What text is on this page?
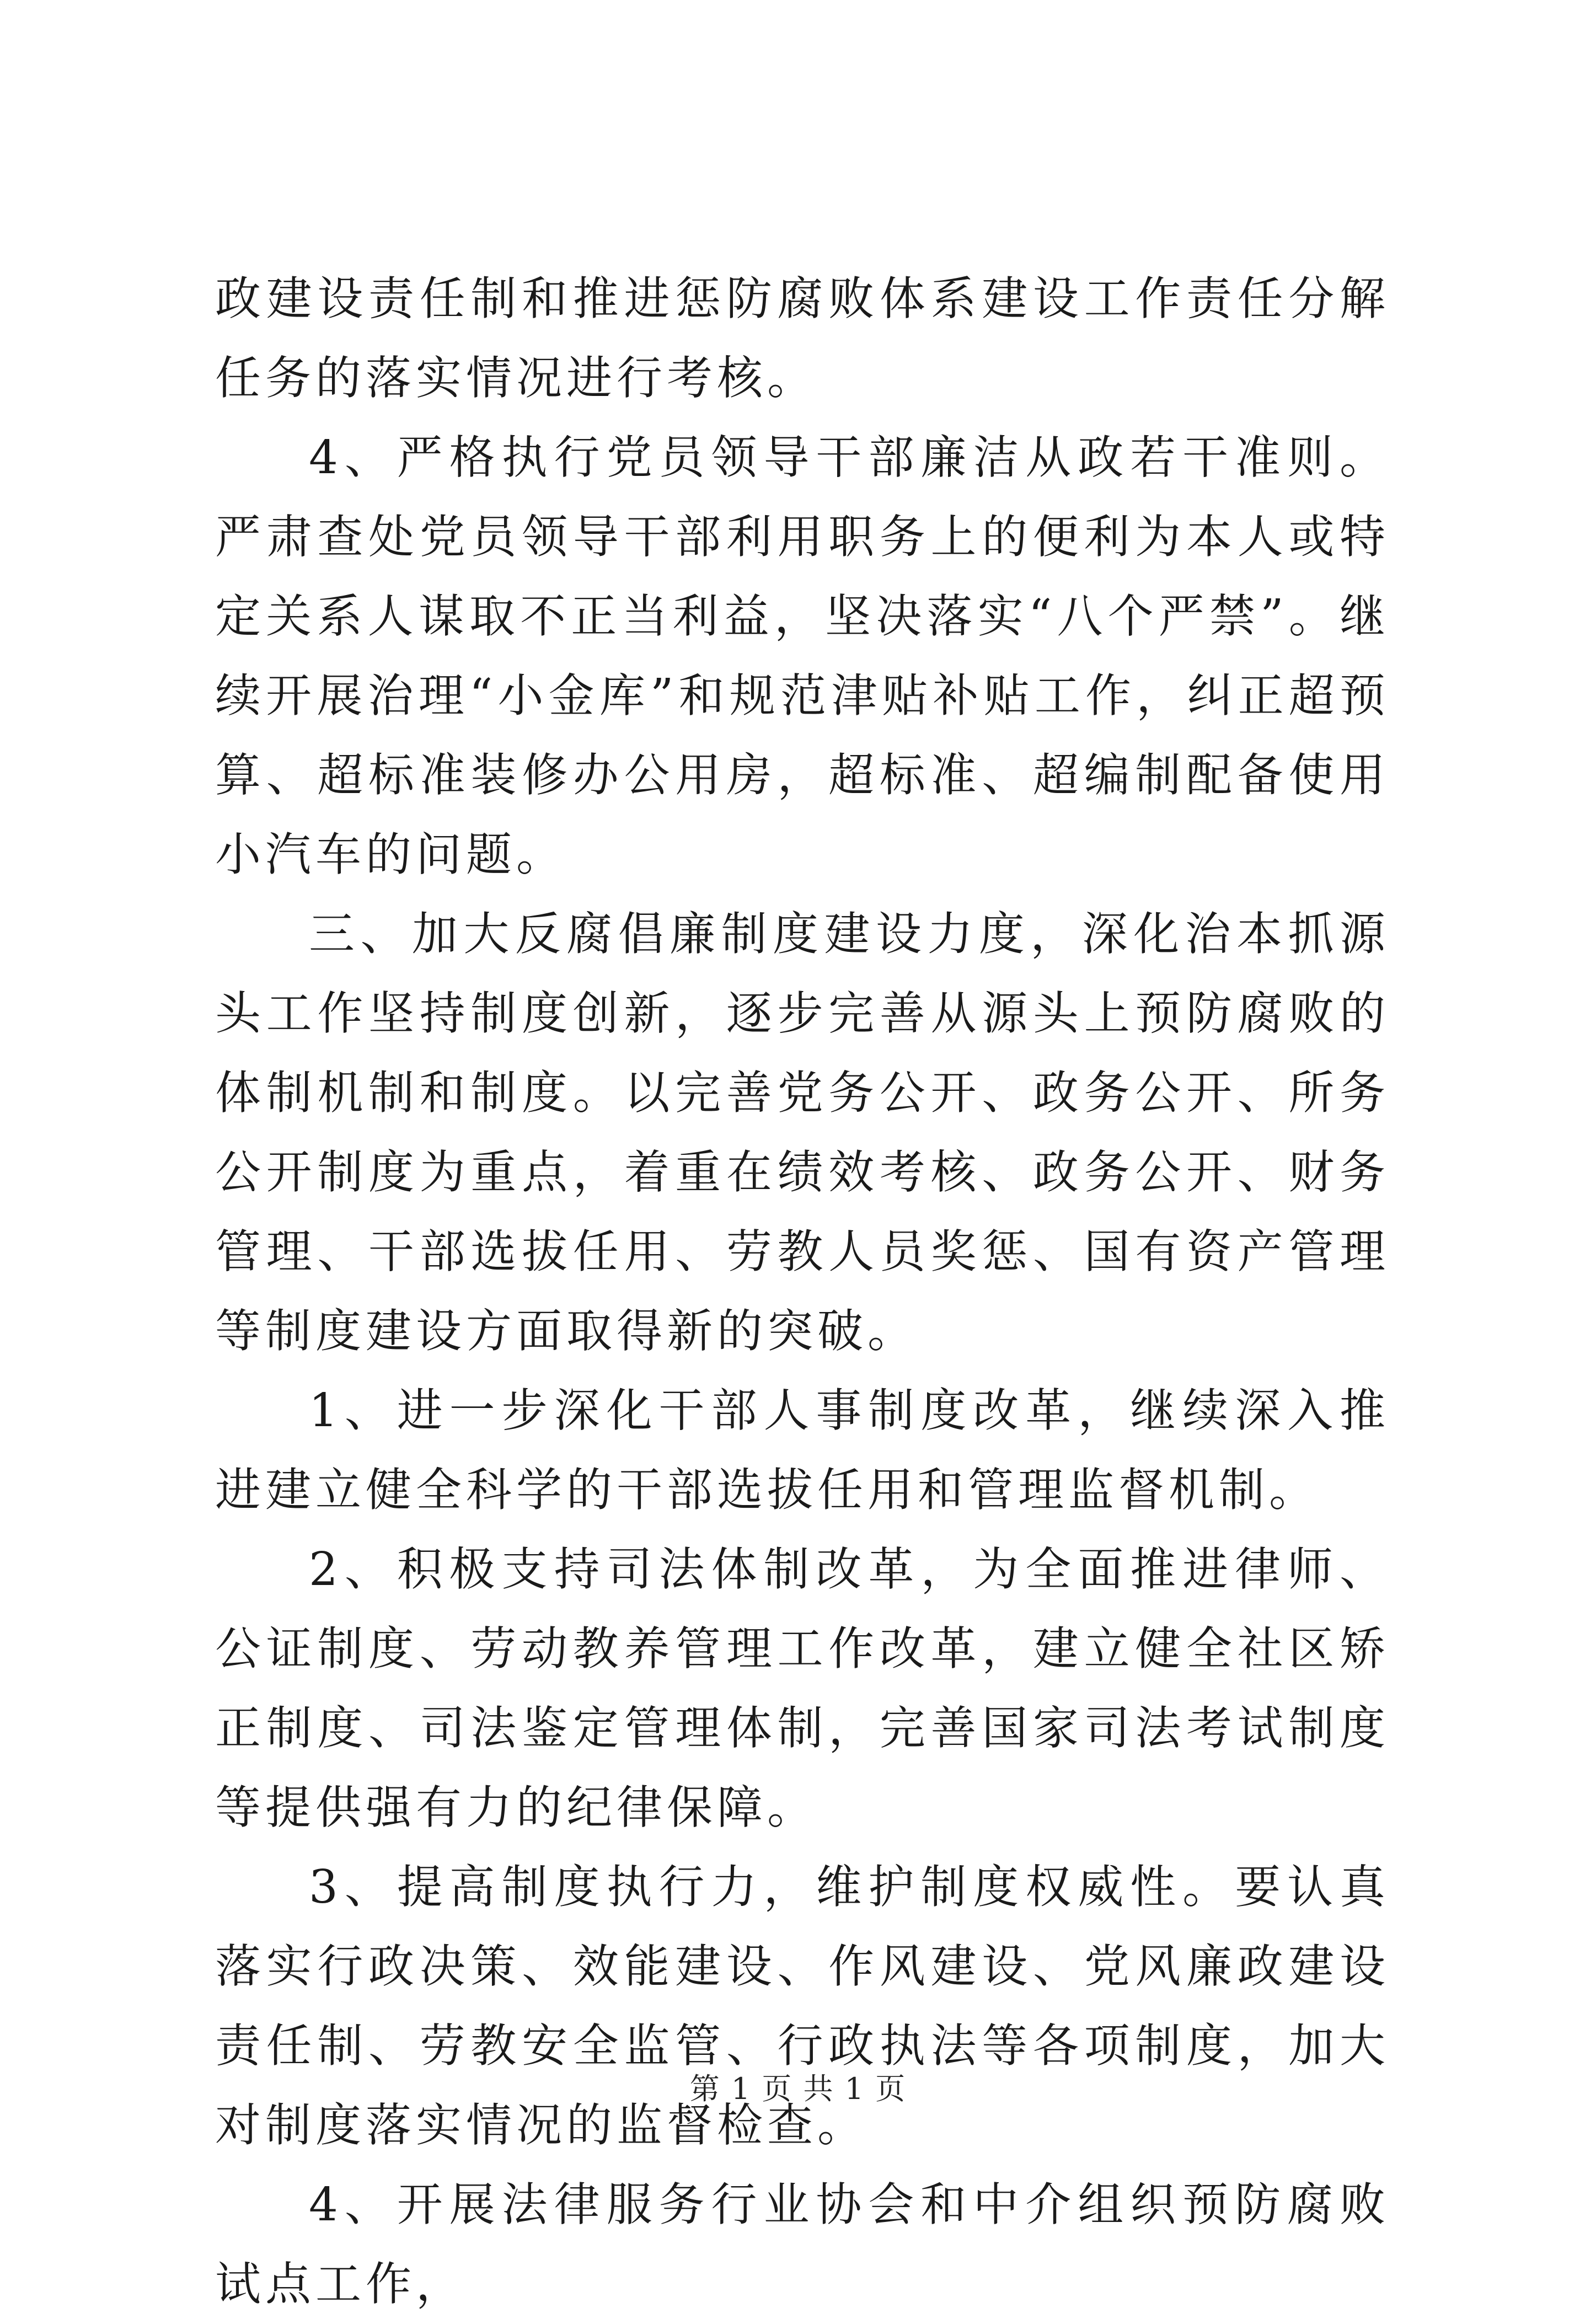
政建设责任制和推进惩防腐败体系建设工作责任分解任务的落实情况进行考核。

4、严格执行党员领导干部廉洁从政若干准则。严肃查处党员领导干部利用职务上的便利为本人或特定关系人谋取不正当利益，坚决落实“八个严禁”。继续开展治理“小金库”和规范津贴补贴工作，纠正超预算、超标准装修办公用房，超标准、超编制配备使用小汽车的问题。

三、加大反腐倡廉制度建设力度，深化治本抓源头工作坚持制度创新，逐步完善从源头上预防腐败的体制机制和制度。以完善党务公开、政务公开、所务公开制度为重点，着重在绩效考核、政务公开、财务管理、干部选拔任用、劳教人员奖惩、国有资产管理等制度建设方面取得新的突破。

1、进一步深化干部人事制度改革，继续深入推进建立健全科学的干部选拔任用和管理监督机制。

2、积极支持司法体制改革，为全面推进律师、公证制度、劳动教养管理工作改革，建立健全社区矫正制度、司法鉴定管理体制，完善国家司法考试制度等提供强有力的纪律保障。

3、提高制度执行力，维护制度权威性。要认真落实行政决策、效能建设、作风建设、党风廉政建设责任制、劳教安全监管、行政执法等各项制度，加大对制度落实情况的监督检查。

4、开展法律服务行业协会和中介组织预防腐败试点工作，

第 1 页 共 1 页
